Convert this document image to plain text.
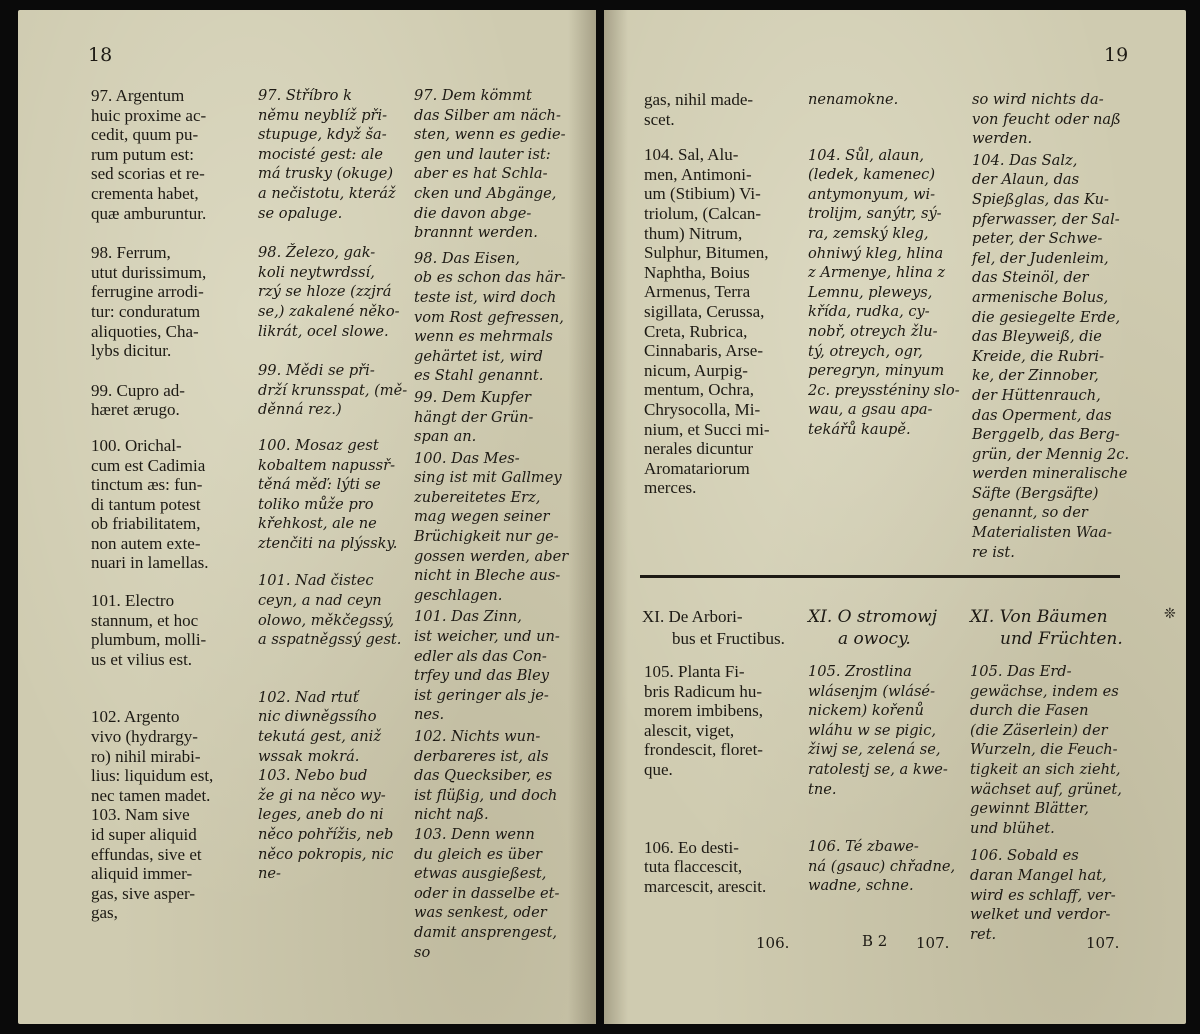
18
97. Argentum
huic proxime ac-
cedit, quum pu-
rum putum est:
sed scorias et re-
crementa habet,
quæ amburuntur.
98. Ferrum,
utut durissimum,
ferrugine arrodi-
tur: conduratum
aliquoties, Cha-
lybs dicitur.
99. Cupro ad-
hæret ærugo.
100. Orichal-
cum est Cadimia
tinctum æs: fun-
di tantum potest
ob friabilitatem,
non autem exte-
nuari in lamellas.
101. Electro
stannum, et hoc
plumbum, molli-
us et vilius est.
102. Argento
vivo (hydrargy-
ro) nihil mirabi-
lius: liquidum est,
nec tamen madet.
103. Nam sive
id super aliquid
effundas, sive et
aliquid immer-
gas, sive asper-
gas,
97. Stříbro k
němu neyblíž při-
stupuge, když ša-
mocisté gest: ale
má trusky (okuge)
a nečistotu, kteráž
se opaluge.
98. Železo, gak-
koli neytwrdssí,
rzý se hloze (zzjrá
se,) zakalené něko-
likrát, ocel slowe.
99. Mědi se při-
drží krunsspat, (mě-
děnná rez.)
100. Mosaz gest
kobaltem napussř-
těná měď: lýti se
toliko může pro
křehkost, ale ne
ztenčiti na plýssky.
101. Nad čistec
ceyn, a nad ceyn
olowo, měkčegssý,
a sspatněgssý gest.
102. Nad rtuť
nic diwněgssího
tekutá gest, aniž
wssak mokrá.
103. Nebo bud
že gi na něco wy-
leges, aneb do ni
něco pohřížis, neb
něco pokropis, nic
ne-
97. Dem kömmt
das Silber am näch-
sten, wenn es gedie-
gen und lauter ist:
aber es hat Schla-
cken und Abgänge,
die davon abge-
brannnt werden.
98. Das Eisen,
ob es schon das här-
teste ist, wird doch
vom Rost gefressen,
wenn es mehrmals
gehärtet ist, wird
es Stahl genannt.
99. Dem Kupfer
hängt der Grün-
span an.
100. Das Mes-
sing ist mit Gallmey
zubereitetes Erz,
mag wegen seiner
Brüchigkeit nur ge-
gossen werden, aber
nicht in Bleche aus-
geschlagen.
101. Das Zinn,
ist weicher, und un-
edler als das Con-
trfey und das Bley
ist geringer als je-
nes.
102. Nichts wun-
derbareres ist, als
das Quecksiber, es
ist flüßig, und doch
nicht naß.
103. Denn wenn
du gleich es über
etwas ausgießest,
oder in dasselbe et-
was senkest, oder
damit ansprengest,
so

19
gas, nihil made-
scet.
104. Sal, Alu-
men, Antimoni-
um (Stibium) Vi-
triolum, (Calcan-
thum) Nitrum,
Sulphur, Bitumen,
Naphtha, Boius
Armenus, Terra
sigillata, Cerussa,
Creta, Rubrica,
Cinnabaris, Arse-
nicum, Aurpig-
mentum, Ochra,
Chrysocolla, Mi-
nium, et Succi mi-
nerales dicuntur
Aromatariorum
merces.
nenamokne.
104. Sůl, alaun,
(ledek, kamenec)
antymonyum, wi-
trolijm, sanýtr, sý-
ra, zemský kleg,
ohniwý kleg, hlina
z Armenye, hlina z
Lemnu, pleweys,
křída, rudka, cy-
nobř, otreych žlu-
tý, otreych, ogr,
peregryn, minyum
2c. preyssténiny slo-
wau, a gsau apa-
tekářů kaupě.
so wird nichts da-
von feucht oder naß
werden.
104. Das Salz,
der Alaun, das
Spießglas, das Ku-
pferwasser, der Sal-
peter, der Schwe-
fel, der Judenleim,
das Steinöl, der
armenische Bolus,
die gesiegelte Erde,
das Bleyweiß, die
Kreide, die Rubri-
ke, der Zinnober,
der Hüttenrauch,
das Operment, das
Berggelb, das Berg-
grün, der Mennig 2c.
werden mineralische
Säfte (Bergsäfte)
genannt, so der
Materialisten Waa-
re ist.
XI. De Arbori-
bus et Fructibus.
XI. O stromowj
a owocy.
XI. Von Bäumen
und Früchten.
❊
105. Planta Fi-
bris Radicum hu-
morem imbibens,
alescit, viget,
frondescit, floret-
que.
106. Eo desti-
tuta flaccescit,
marcescit, arescit.
105. Zrostlina
wlásenjm (wlásé-
nickem) kořenů
wláhu w se pigic,
žiwj se, zelená se,
ratolestj se, a kwe-
tne.
106. Té zbawe-
ná (gsauc) chřadne,
wadne, schne.
105. Das Erd-
gewächse, indem es
durch die Fasen
(die Zäserlein) der
Wurzeln, die Feuch-
tigkeit an sich zieht,
wächset auf, grünet,
gewinnt Blätter,
und blühet.
106. Sobald es
daran Mangel hat,
wird es schlaff, ver-
welket und verdor-
ret.
106.	B 2 107.	107.
